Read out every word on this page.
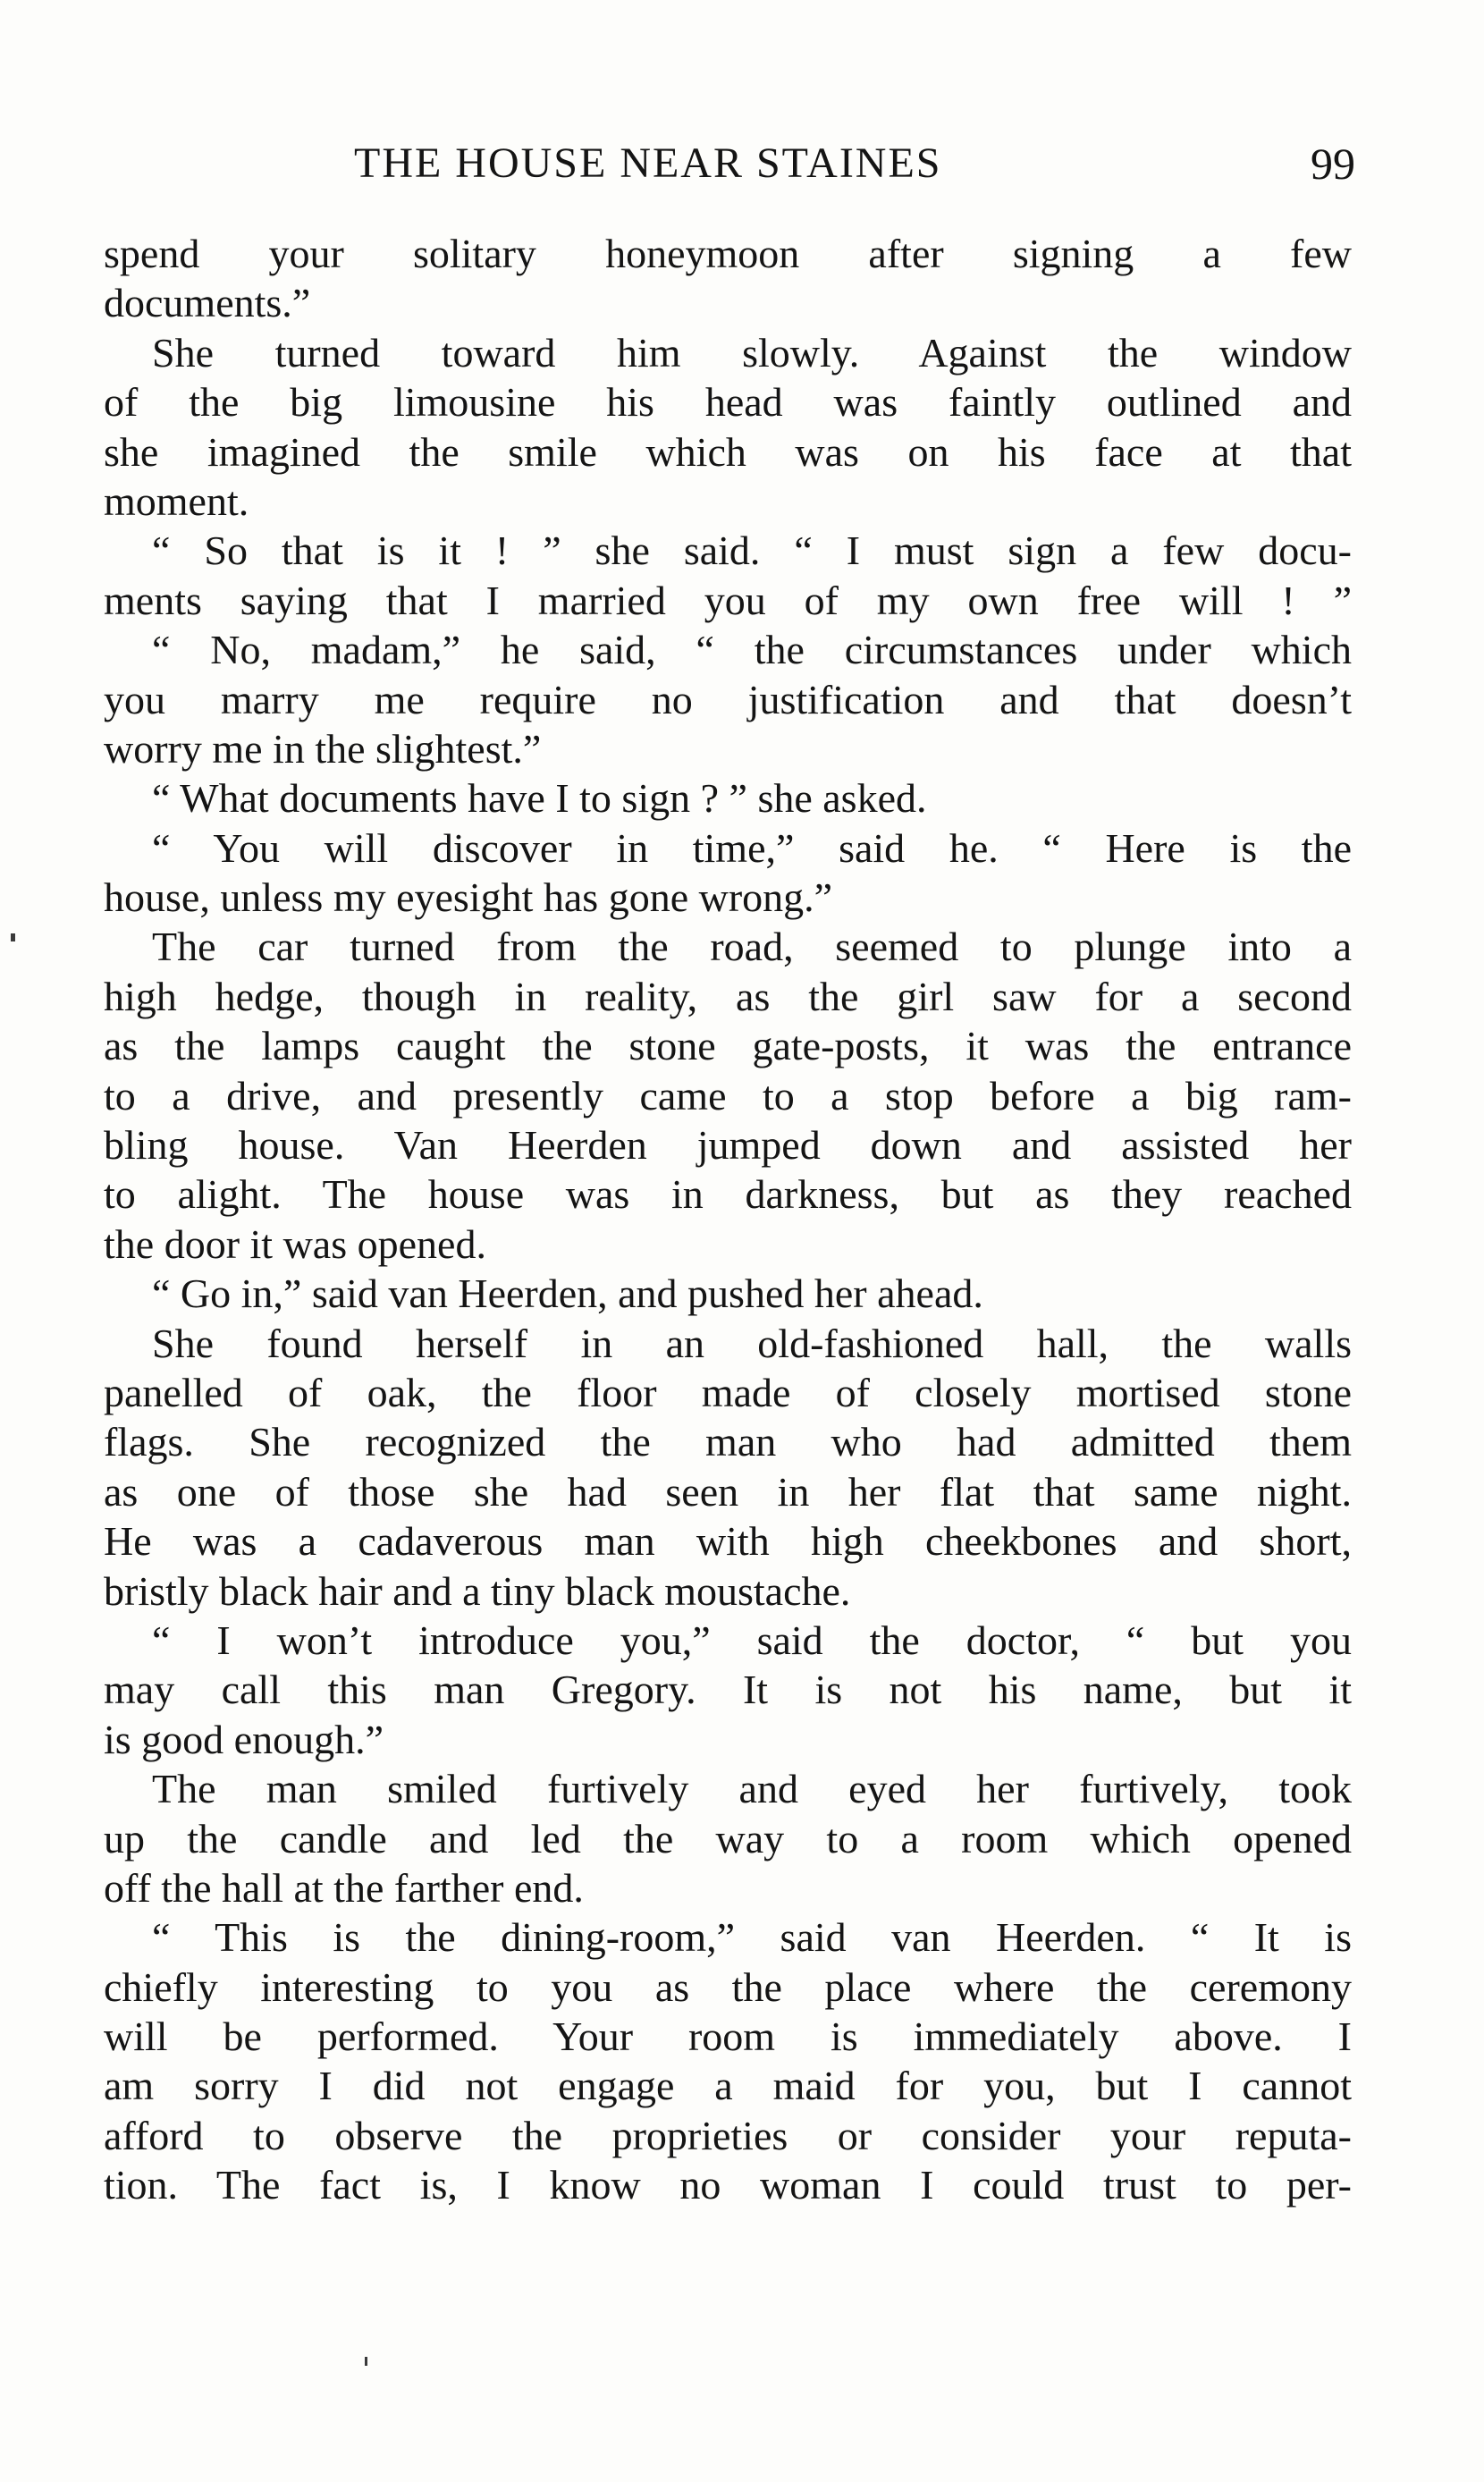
THE HOUSE NEAR STAINES	99
spend your solitary honeymoon after signing a few
documents.”
She turned toward him slowly. Against the window
of the big limousine his head was faintly outlined and
she imagined the smile which was on his face at that
moment.
“ So that is it ! ” she said. “ I must sign a few docu-
ments saying that I married you of my own free will ! ”
“ No, madam,” he said, “ the circumstances under which
you marry me require no justification and that doesn’t
worry me in the slightest.”
“ What documents have I to sign ? ” she asked.
“ You will discover in time,” said he. “ Here is the
house, unless my eyesight has gone wrong.”
The car turned from the road, seemed to plunge into a
high hedge, though in reality, as the girl saw for a second
as the lamps caught the stone gate-posts, it was the entrance
to a drive, and presently came to a stop before a big ram-
bling house. Van Heerden jumped down and assisted her
to alight. The house was in darkness, but as they reached
the door it was opened.
“ Go in,” said van Heerden, and pushed her ahead.
She found herself in an old-fashioned hall, the walls
panelled of oak, the floor made of closely mortised stone
flags. She recognized the man who had admitted them
as one of those she had seen in her flat that same night.
He was a cadaverous man with high cheekbones and short,
bristly black hair and a tiny black moustache.
“ I won’t introduce you,” said the doctor, “ but you
may call this man Gregory. It is not his name, but it
is good enough.”
The man smiled furtively and eyed her furtively, took
up the candle and led the way to a room which opened
off the hall at the farther end.
“ This is the dining-room,” said van Heerden. “ It is
chiefly interesting to you as the place where the ceremony
will be performed. Your room is immediately above. I
am sorry I did not engage a maid for you, but I cannot
afford to observe the proprieties or consider your reputa-
tion. The fact is, I know no woman I could trust to per-
